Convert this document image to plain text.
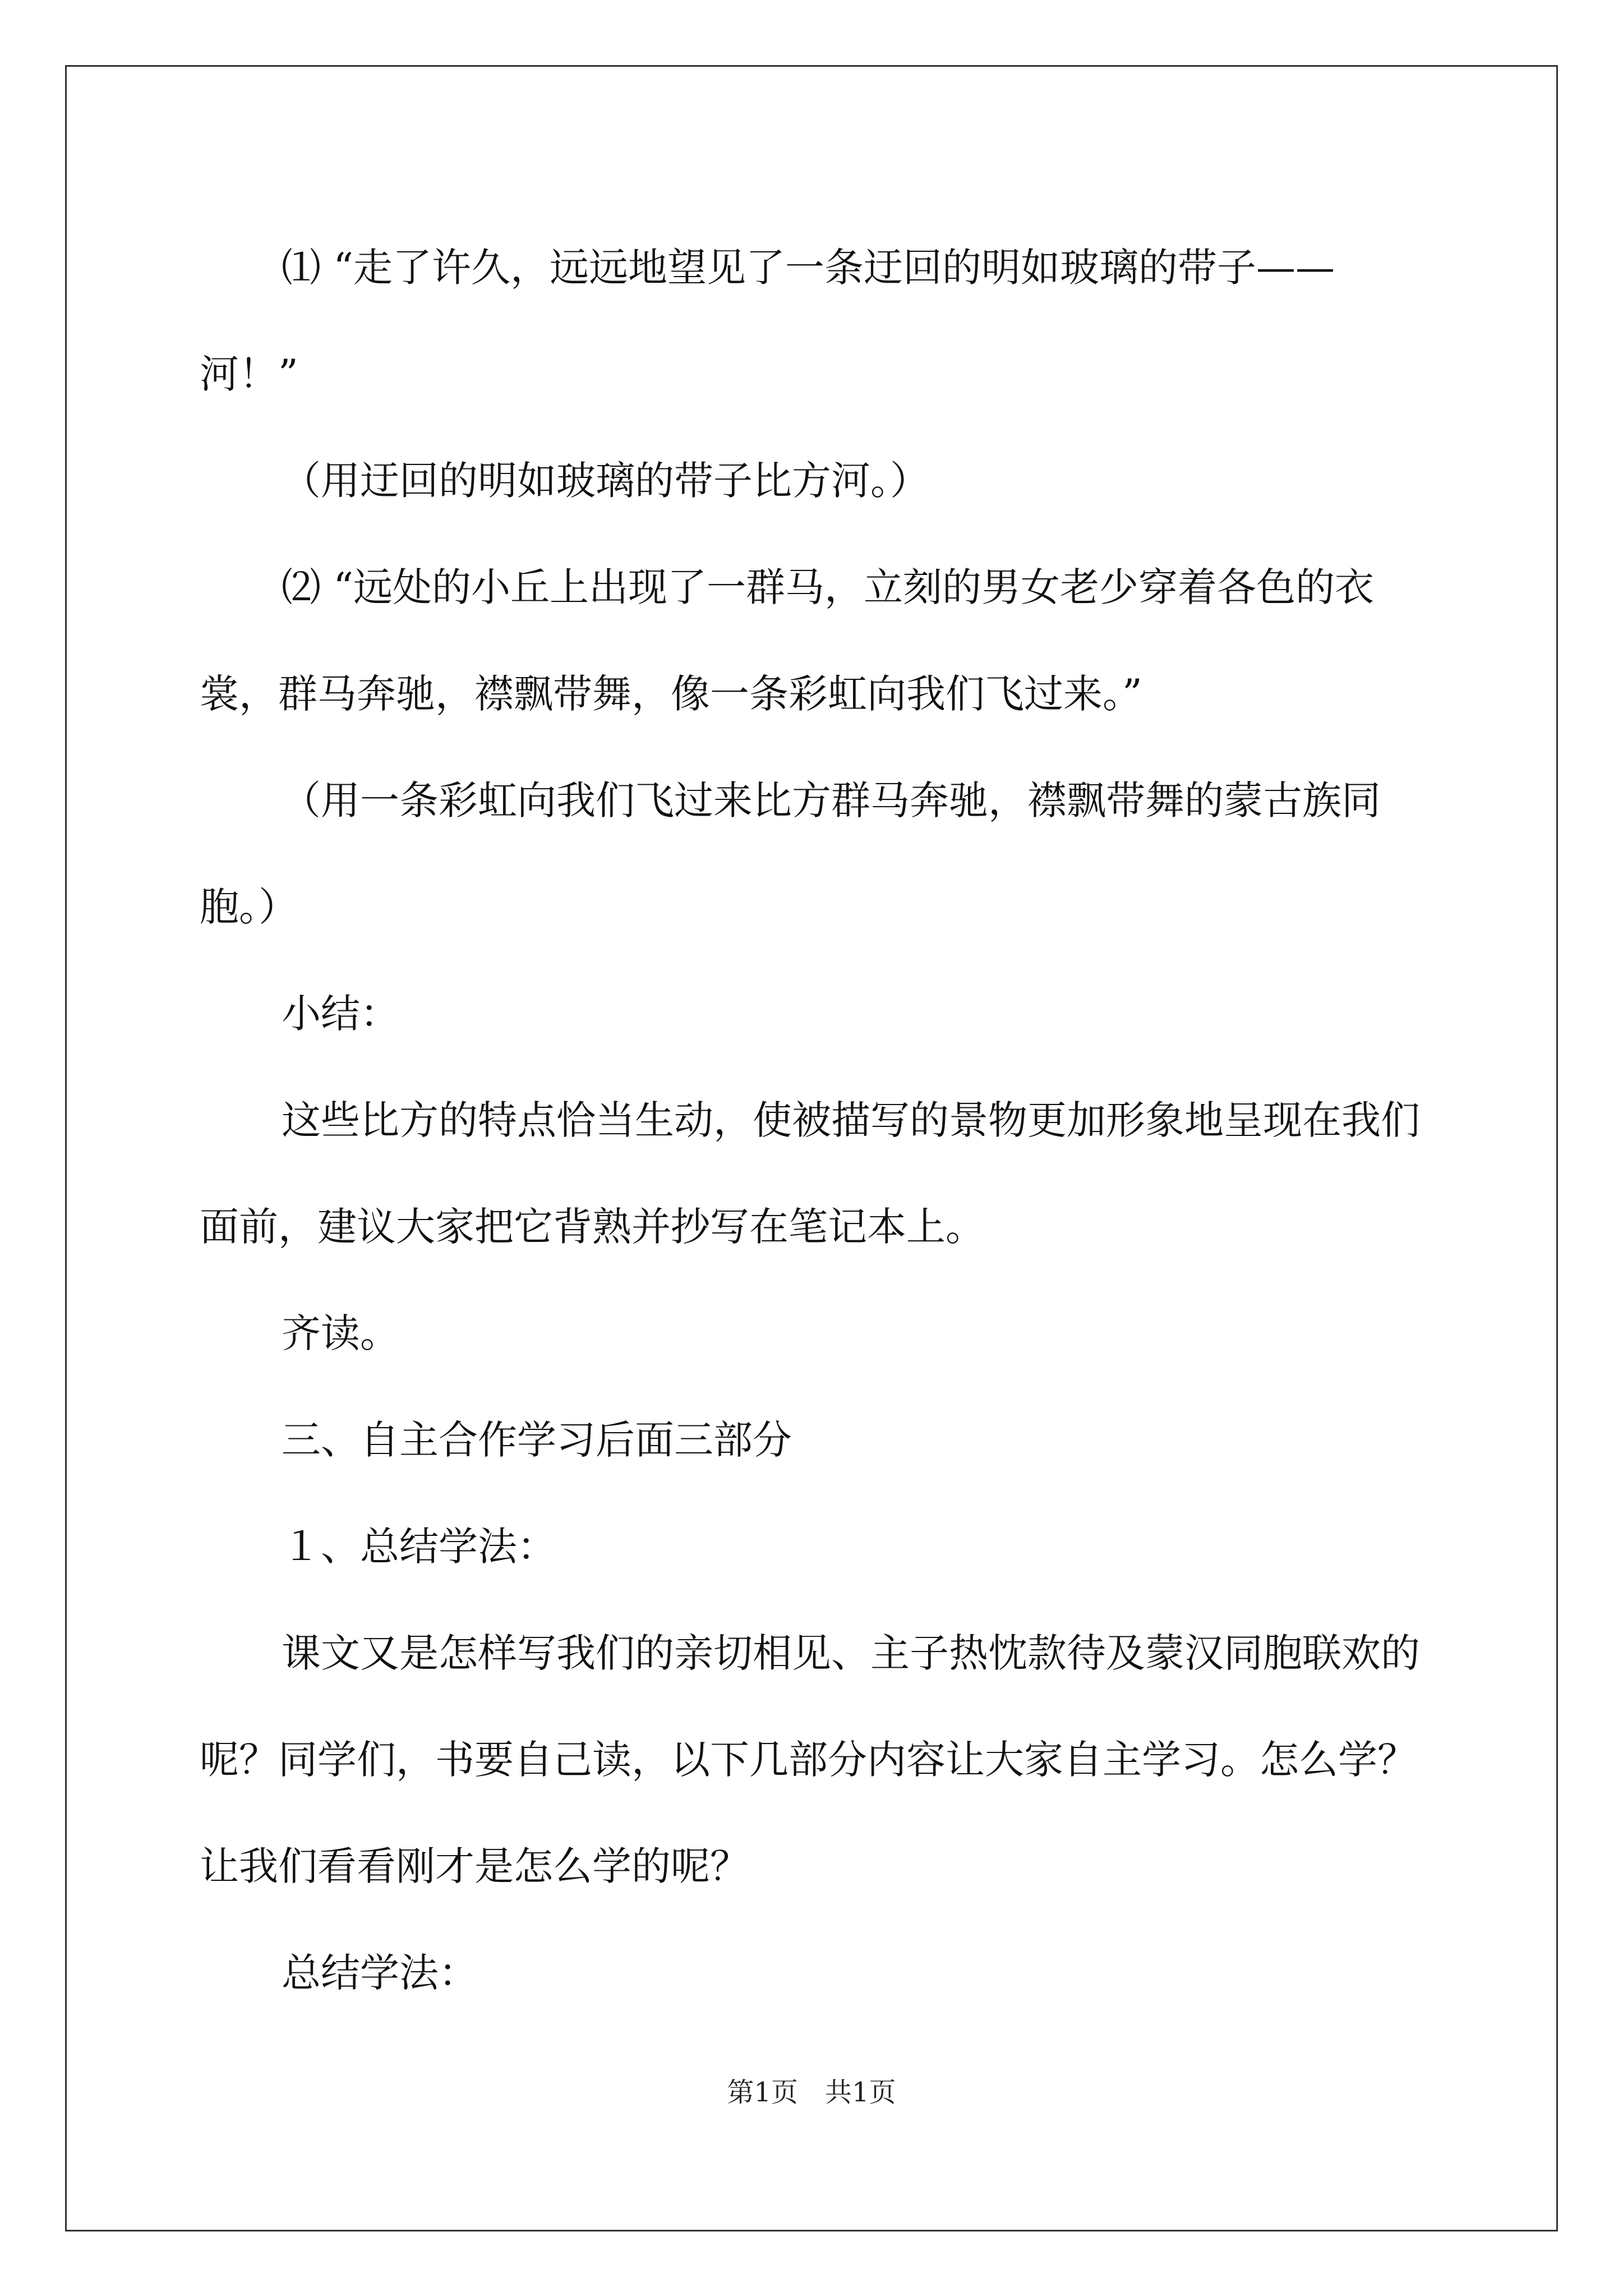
⑴ “走了许久，远远地望见了一条迂回的明如玻璃的带子——河！”

（用迂回的明如玻璃的带子比方河。）

⑵ “远处的小丘上出现了一群马，立刻的男女老少穿着各色的衣裳，群马奔驰，襟飘带舞，像一条彩虹向我们飞过来。”

（用一条彩虹向我们飞过来比方群马奔驰，襟飘带舞的蒙古族同胞。）

小结：

这些比方的特点恰当生动，使被描写的景物更加形象地呈现在我们面前，建议大家把它背熟并抄写在笔记本上。

齐读。

三、自主合作学习后面三部分

１、总结学法：

课文又是怎样写我们的亲切相见、主子热忱款待及蒙汉同胞联欢的呢？同学们，书要自己读，以下几部分内容让大家自主学习。怎么学？让我们看看刚才是怎么学的呢？

总结学法：

第1页　共1页
